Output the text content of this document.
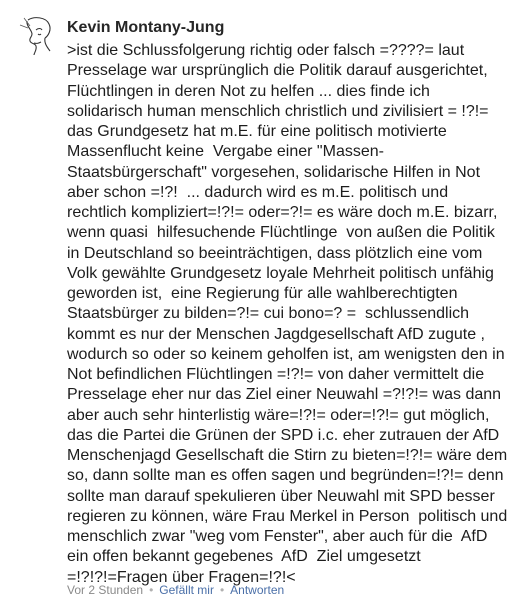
Kevin Montany-Jung
>ist die Schlussfolgerung richtig oder falsch =????= laut
Presselage war ursprünglich die Politik darauf ausgerichtet,
Flüchtlingen in deren Not zu helfen ... dies finde ich
solidarisch human menschlich christlich und zivilisiert = !?!=
das Grundgesetz hat m.E. für eine politisch motivierte
Massenflucht keine  Vergabe einer "Massen-
Staatsbürgerschaft" vorgesehen, solidarische Hilfen in Not
aber schon =!?!  ... dadurch wird es m.E. politisch und
rechtlich kompliziert=!?!= oder=?!= es wäre doch m.E. bizarr,
wenn quasi  hilfesuchende Flüchtlinge  von außen die Politik
in Deutschland so beeinträchtigen, dass plötzlich eine vom
Volk gewählte Grundgesetz loyale Mehrheit politisch unfähig
geworden ist,  eine Regierung für alle wahlberechtigten
Staatsbürger zu bilden=?!= cui bono=? =  schlussendlich
kommt es nur der Menschen Jagdgesellschaft AfD zugute ,
wodurch so oder so keinem geholfen ist, am wenigsten den in
Not befindlichen Flüchtlingen =!?!= von daher vermittelt die
Presselage eher nur das Ziel einer Neuwahl =?!?!= was dann
aber auch sehr hinterlistig wäre=!?!= oder=!?!= gut möglich,
das die Partei die Grünen der SPD i.c. eher zutrauen der AfD
Menschenjagd Gesellschaft die Stirn zu bieten=!?!= wäre dem
so, dann sollte man es offen sagen und begründen=!?!= denn
sollte man darauf spekulieren über Neuwahl mit SPD besser
regieren zu können, wäre Frau Merkel in Person  politisch und
menschlich zwar "weg vom Fenster", aber auch für die  AfD
ein offen bekannt gegebenes  AfD  Ziel umgesetzt
=!?!?!=Fragen über Fragen=!?!<
Vor 2 Stunden • Gefällt mir • Antworten
